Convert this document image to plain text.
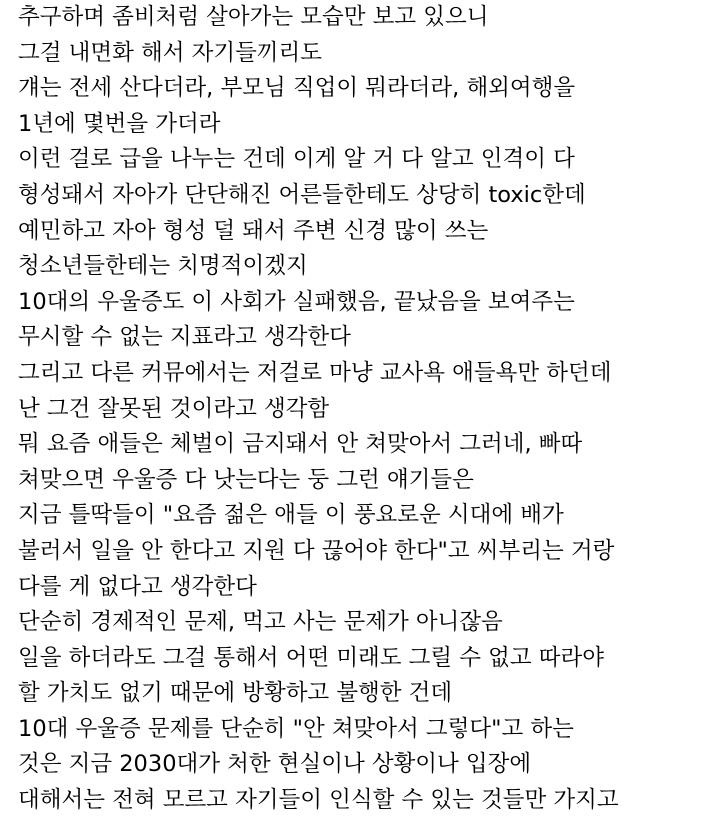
추구하며 좀비처럼 살아가는 모습만 보고 있으니
그걸 내면화 해서 자기들끼리도
걔는 전세 산다더라, 부모님 직업이 뭐라더라, 해외여행을
1년에 몇번을 가더라
이런 걸로 급을 나누는 건데 이게 알 거 다 알고 인격이 다
형성돼서 자아가 단단해진 어른들한테도 상당히 toxic한데
예민하고 자아 형성 덜 돼서 주변 신경 많이 쓰는
청소년들한테는 치명적이겠지
10대의 우울증도 이 사회가 실패했음, 끝났음을 보여주는
무시할 수 없는 지표라고 생각한다
그리고 다른 커뮤에서는 저걸로 마냥 교사욕 애들욕만 하던데
난 그건 잘못된 것이라고 생각함
뭐 요즘 애들은 체벌이 금지돼서 안 쳐맞아서 그러네, 빠따
쳐맞으면 우울증 다 낫는다는 둥 그런 얘기들은
지금 틀딱들이 "요즘 젊은 애들 이 풍요로운 시대에 배가
불러서 일을 안 한다고 지원 다 끊어야 한다"고 씨부리는 거랑
다를 게 없다고 생각한다
단순히 경제적인 문제, 먹고 사는 문제가 아니잖음
일을 하더라도 그걸 통해서 어떤 미래도 그릴 수 없고 따라야
할 가치도 없기 때문에 방황하고 불행한 건데
10대 우울증 문제를 단순히 "안 쳐맞아서 그렇다"고 하는
것은 지금 2030대가 처한 현실이나 상황이나 입장에
대해서는 전혀 모르고 자기들이 인식할 수 있는 것들만 가지고
